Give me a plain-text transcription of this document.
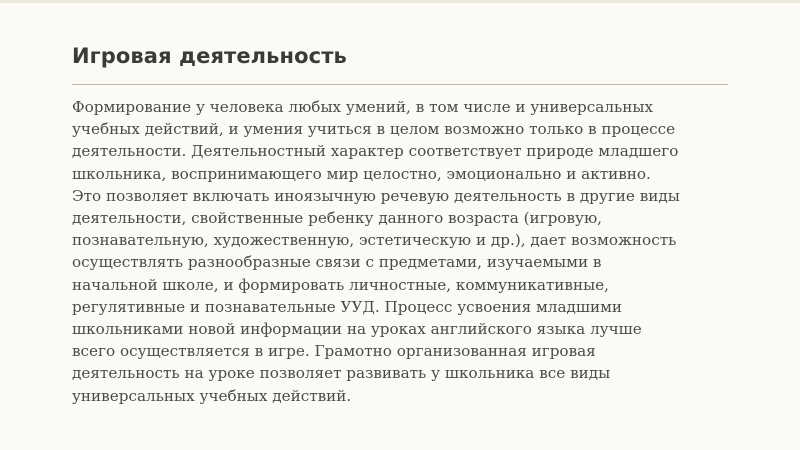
Игровая деятельность
Формирование у человека любых умений, в том числе и универсальных
учебных действий, и умения учиться в целом возможно только в процессе
деятельности. Деятельностный характер соответствует природе младшего
школьника, воспринимающего мир целостно, эмоционально и активно.
Это позволяет включать иноязычную речевую деятельность в другие виды
деятельности, свойственные ребенку данного возраста (игровую,
познавательную, художественную, эстетическую и др.), дает возможность
осуществлять разнообразные связи с предметами, изучаемыми в
начальной школе, и формировать личностные, коммуникативные,
регулятивные и познавательные УУД. Процесс усвоения младшими
школьниками новой информации на уроках английского языка лучше
всего осуществляется в игре. Грамотно организованная игровая
деятельность на уроке позволяет развивать у школьника все виды
универсальных учебных действий.
